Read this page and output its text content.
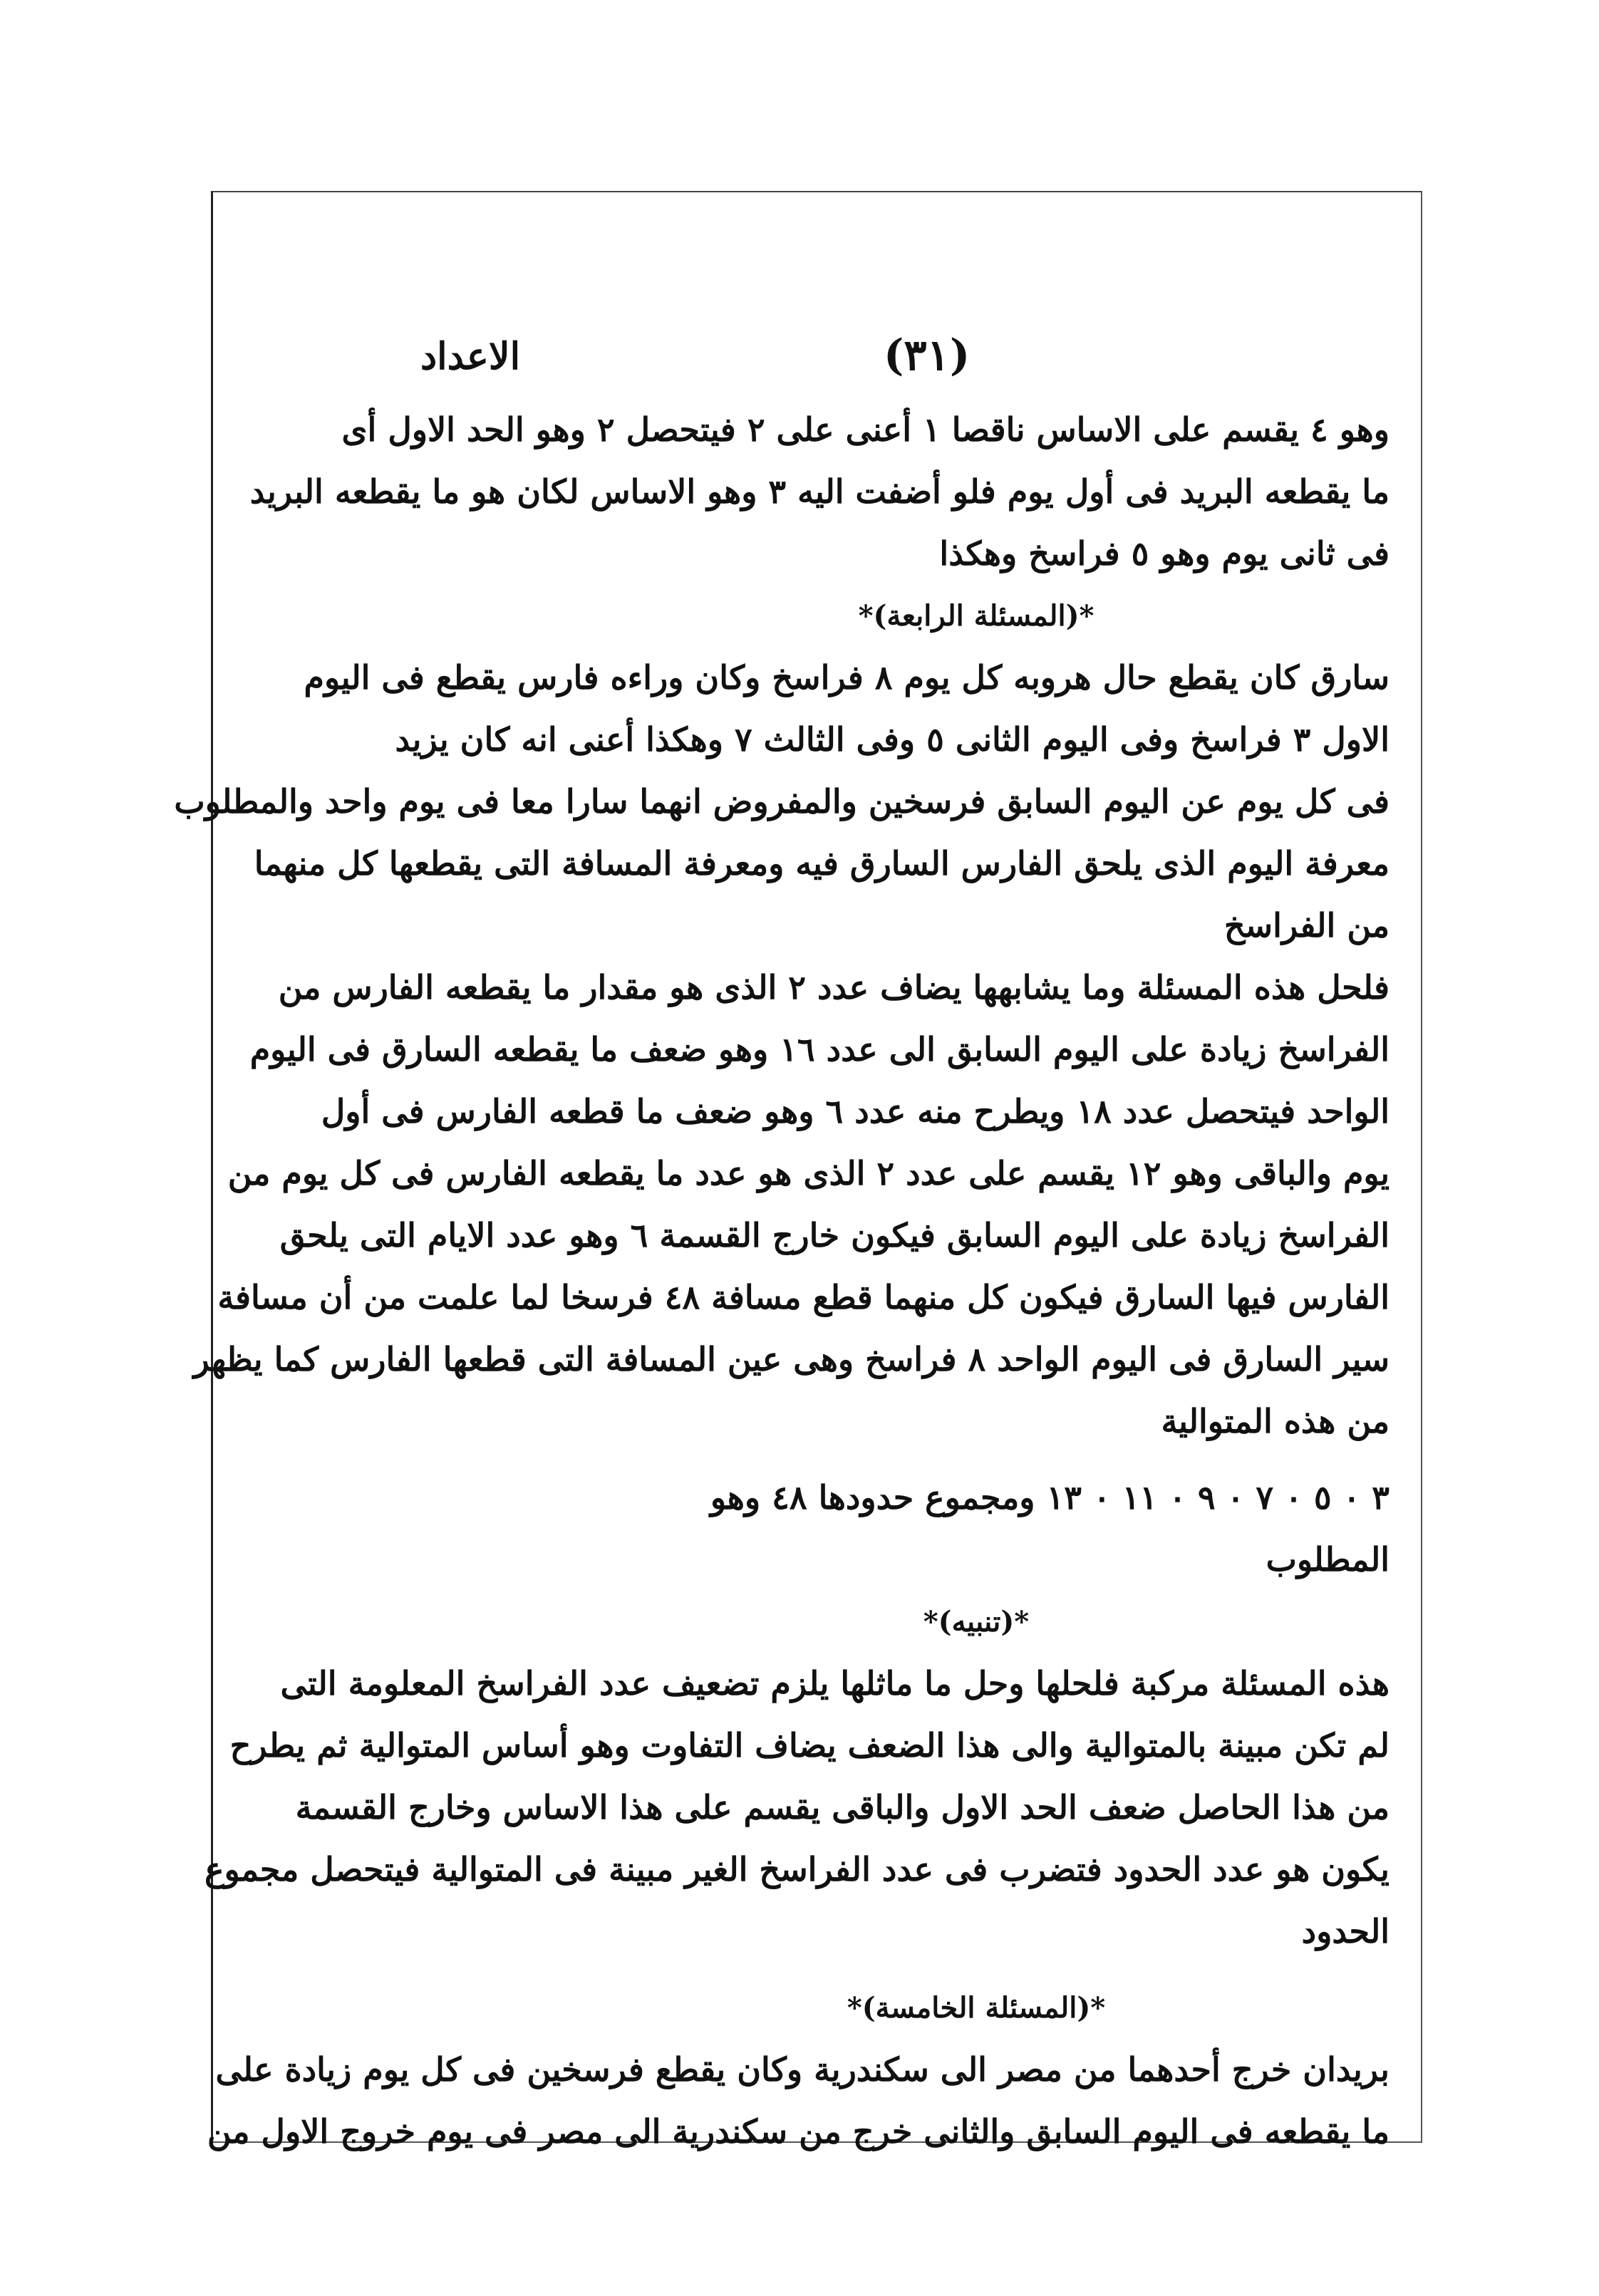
(٣١)
الاعداد
وهو ٤ يقسم على الاساس ناقصا ١ أعنى على ٢ فيتحصل ٢ وهو الحد الاول أى
ما يقطعه البريد فى أول يوم فلو أضفت اليه ٣ وهو الاساس لكان هو ما يقطعه البريد
فى ثانى يوم وهو ٥ فراسخ وهكذا
*(المسئلة الرابعة)*
سارق كان يقطع حال هروبه كل يوم ٨ فراسخ وكان وراءه فارس يقطع فى اليوم
الاول ٣ فراسخ وفى اليوم الثانى ٥ وفى الثالث ٧ وهكذا أعنى انه كان يزيد
فى كل يوم عن اليوم السابق فرسخين والمفروض انهما سارا معا فى يوم واحد والمطلوب
معرفة اليوم الذى يلحق الفارس السارق فيه ومعرفة المسافة التى يقطعها كل منهما
من الفراسخ
فلحل هذه المسئلة وما يشابهها يضاف عدد ٢ الذى هو مقدار ما يقطعه الفارس من
الفراسخ زيادة على اليوم السابق الى عدد ١٦ وهو ضعف ما يقطعه السارق فى اليوم
الواحد فيتحصل عدد ١٨ ويطرح منه عدد ٦ وهو ضعف ما قطعه الفارس فى أول
يوم والباقى وهو ١٢ يقسم على عدد ٢ الذى هو عدد ما يقطعه الفارس فى كل يوم من
الفراسخ زيادة على اليوم السابق فيكون خارج القسمة ٦ وهو عدد الايام التى يلحق
الفارس فيها السارق فيكون كل منهما قطع مسافة ٤٨ فرسخا لما علمت من أن مسافة
سير السارق فى اليوم الواحد ٨ فراسخ وهى عين المسافة التى قطعها الفارس كما يظهر
من هذه المتوالية
٣ ٠ ٥ ٠ ٧ ٠ ٩ ٠ ١١ ٠ ١٣ ومجموع حدودها ٤٨ وهو
المطلوب
*(تنبيه)*
هذه المسئلة مركبة فلحلها وحل ما ماثلها يلزم تضعيف عدد الفراسخ المعلومة التى
لم تكن مبينة بالمتوالية والى هذا الضعف يضاف التفاوت وهو أساس المتوالية ثم يطرح
من هذا الحاصل ضعف الحد الاول والباقى يقسم على هذا الاساس وخارج القسمة
يكون هو عدد الحدود فتضرب فى عدد الفراسخ الغير مبينة فى المتوالية فيتحصل مجموع
الحدود
*(المسئلة الخامسة)*
بريدان خرج أحدهما من مصر الى سكندرية وكان يقطع فرسخين فى كل يوم زيادة على
ما يقطعه فى اليوم السابق والثانى خرج من سكندرية الى مصر فى يوم خروج الاول من
